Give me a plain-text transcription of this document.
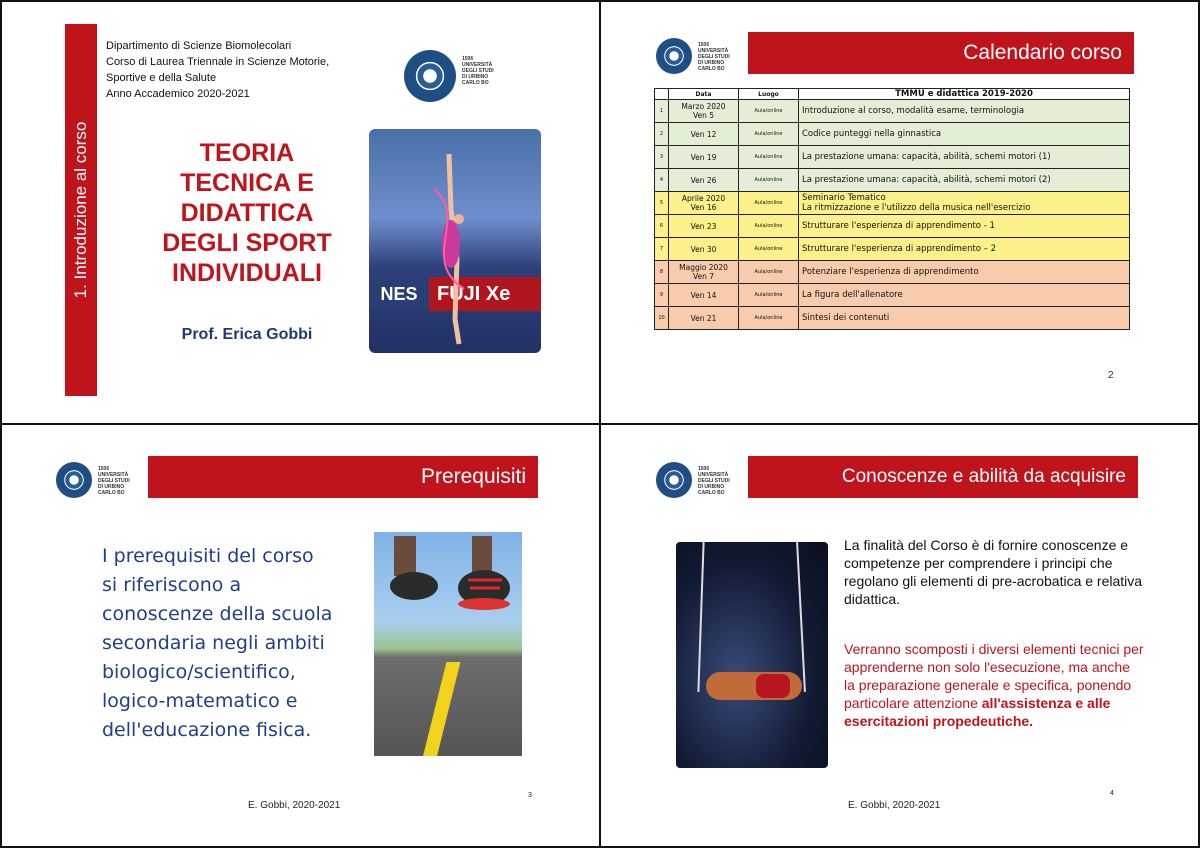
1. Introduzione al corso
Dipartimento di Scienze Biomolecolari
Corso di Laurea Triennale in Scienze Motorie,
Sportive e della Salute
Anno Accademico 2020-2021
1506
UNIVERSITÀ
DEGLI STUDI
DI URBINO
CARLO BO
TEORIA
TECNICA E
DIDATTICA
DEGLI SPORT
INDIVIDUALI
Prof. Erica Gobbi
NES FUJI Xe
1506
UNIVERSITÀ
DEGLI STUDI
DI URBINO
CARLO BO
Calendario corso
	Data	Luogo	TMMU e didattica 2019-2020
1	Marzo 2020
Ven 5	Aula/online	Introduzione al corso, modalità esame, terminologia
2	Ven 12	Aula/online	Codice punteggi nella ginnastica
3	Ven 19	Aula/online	La prestazione umana: capacità, abilità, schemi motori (1)
4	Ven 26	Aula/online	La prestazione umana: capacità, abilità, schemi motori (2)
5	Aprile 2020
Ven 16	Aula/online	Seminario Tematico
La ritmizzazione e l'utilizzo della musica nell'esercizio
6	Ven 23	Aula/online	Strutturare l'esperienza di apprendimento - 1
7	Ven 30	Aula/online	Strutturare l'esperienza di apprendimento – 2
8	Maggio 2020
Ven 7	Aula/online	Potenziare l'esperienza di apprendimento
9	Ven 14	Aula/online	La figura dell'allenatore
10	Ven 21	Aula/online	Sintesi dei contenuti
2
1506
UNIVERSITÀ
DEGLI STUDI
DI URBINO
CARLO BO
Prerequisiti
I prerequisiti del corso
si riferiscono a
conoscenze della scuola
secondaria negli ambiti
biologico/scientifico,
logico-matematico e
dell'educazione fisica.
E. Gobbi, 2020-2021
3
1506
UNIVERSITÀ
DEGLI STUDI
DI URBINO
CARLO BO
Conoscenze e abilità da acquisire
La finalità del Corso è di fornire conoscenze e competenze per comprendere i principi che regolano gli elementi di pre-acrobatica e relativa didattica.
Verranno scomposti i diversi elementi tecnici per apprenderne non solo l'esecuzione, ma anche la preparazione generale e specifica, ponendo particolare attenzione all'assistenza e alle esercitazioni propedeutiche.
E. Gobbi, 2020-2021
4
